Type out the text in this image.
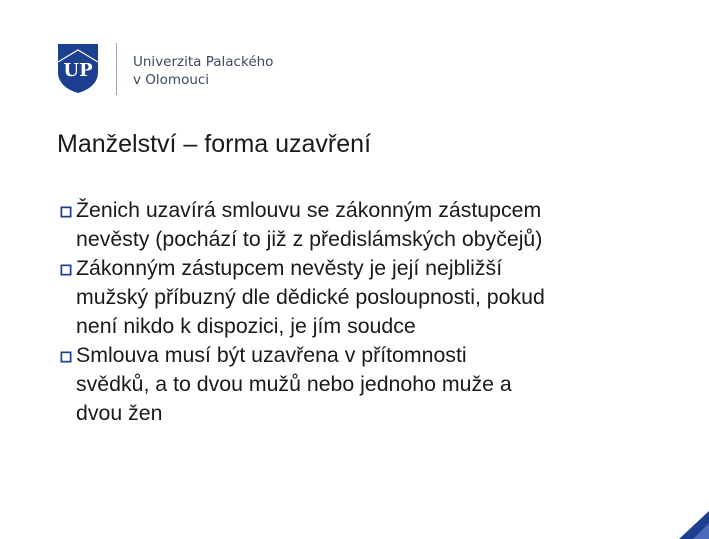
UP	Univerzita Palackého
v Olomouci
Manželství – forma uzavření
Ženich uzavírá smlouvu se zákonným zástupcem
nevěsty (pochází to již z předislámských obyčejů)
Zákonným zástupcem nevěsty je její nejbližší
mužský příbuzný dle dědické posloupnosti, pokud
není nikdo k dispozici, je jím soudce
Smlouva musí být uzavřena v přítomnosti
svědků, a to dvou mužů nebo jednoho muže a
dvou žen
